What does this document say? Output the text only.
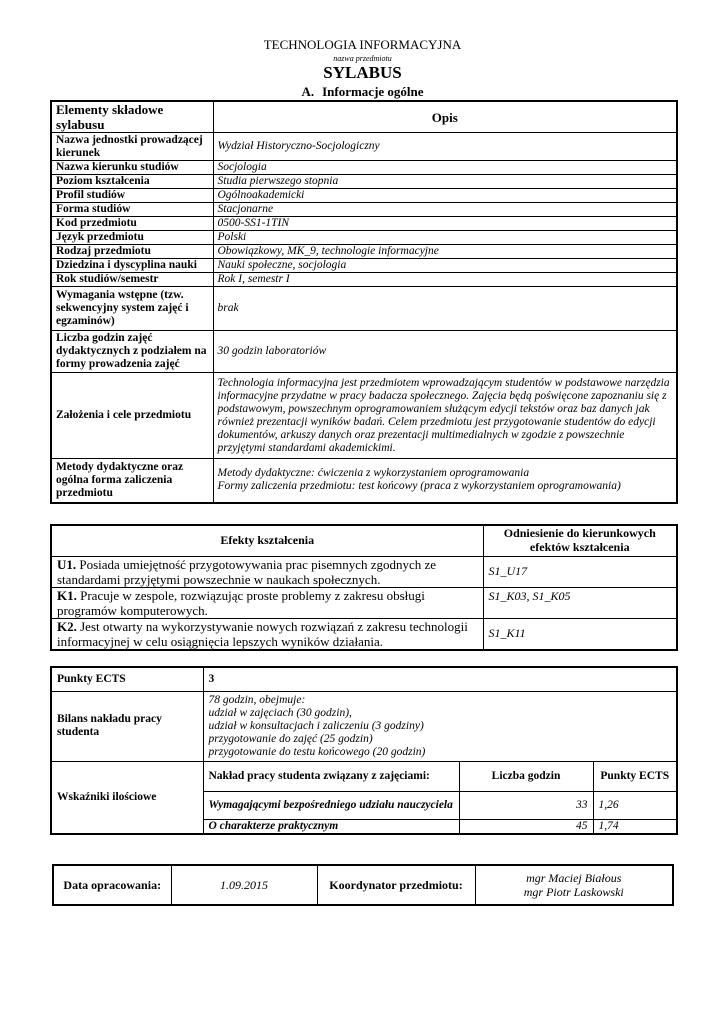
TECHNOLOGIA INFORMACYJNA
nazwa przedmiotu
SYLABUS
A. Informacje ogólne
Elementy składowe sylabusu	Opis
Nazwa jednostki prowadzącej kierunek	Wydział Historyczno-Socjologiczny
Nazwa kierunku studiów	Socjologia
Poziom kształcenia	Studia pierwszego stopnia
Profil studiów	Ogólnoakademicki
Forma studiów	Stacjonarne
Kod przedmiotu	0500-SS1-1TIN
Język przedmiotu	Polski
Rodzaj przedmiotu	Obowiązkowy, MK_9, technologie informacyjne
Dziedzina i dyscyplina nauki	Nauki społeczne, socjologia
Rok studiów/semestr	Rok I, semestr I
Wymagania wstępne (tzw. sekwencyjny system zajęć i egzaminów)	brak
Liczba godzin zajęć dydaktycznych z podziałem na formy prowadzenia zajęć	30 godzin laboratoriów
Założenia i cele przedmiotu	Technologia informacyjna jest przedmiotem wprowadzającym studentów w podstawowe narzędzia informacyjne przydatne w pracy badacza społecznego. Zajęcia będą poświęcone zapoznaniu się z podstawowym, powszechnym oprogramowaniem służącym edycji tekstów oraz baz danych jak również prezentacji wyników badań. Celem przedmiotu jest przygotowanie studentów do edycji dokumentów, arkuszy danych oraz prezentacji multimedialnych w zgodzie z powszechnie przyjętymi standardami akademickimi.
Metody dydaktyczne oraz ogólna forma zaliczenia przedmiotu	Metody dydaktyczne: ćwiczenia z wykorzystaniem oprogramowania
Formy zaliczenia przedmiotu: test końcowy (praca z wykorzystaniem oprogramowania)
Efekty kształcenia	Odniesienie do kierunkowych efektów kształcenia
U1. Posiada umiejętność przygotowywania prac pisemnych zgodnych ze standardami przyjętymi powszechnie w naukach społecznych.	S1_U17
K1. Pracuje w zespole, rozwiązując proste problemy z zakresu obsługi programów komputerowych.	S1_K03, S1_K05
K2. Jest otwarty na wykorzystywanie nowych rozwiązań z zakresu technologii informacyjnej w celu osiągnięcia lepszych wyników działania.	S1_K11
Punkty ECTS	3		
Bilans nakładu pracy studenta	78 godzin, obejmuje:
udział w zajęciach (30 godzin),
udział w konsultacjach i zaliczeniu (3 godziny)
przygotowanie do zajęć (25 godzin)
przygotowanie do testu końcowego (20 godzin)		

Wskaźniki ilościowe	Nakład pracy studenta związany z zajęciami:	Liczba godzin	Punkty ECTS
	Wymagającymi bezpośredniego udziału nauczyciela	33	1,26
	O charakterze praktycznym	45	1,74
Data opracowania:	1.09.2015	Koordynator przedmiotu:	mgr Maciej Białous
mgr Piotr Laskowski
